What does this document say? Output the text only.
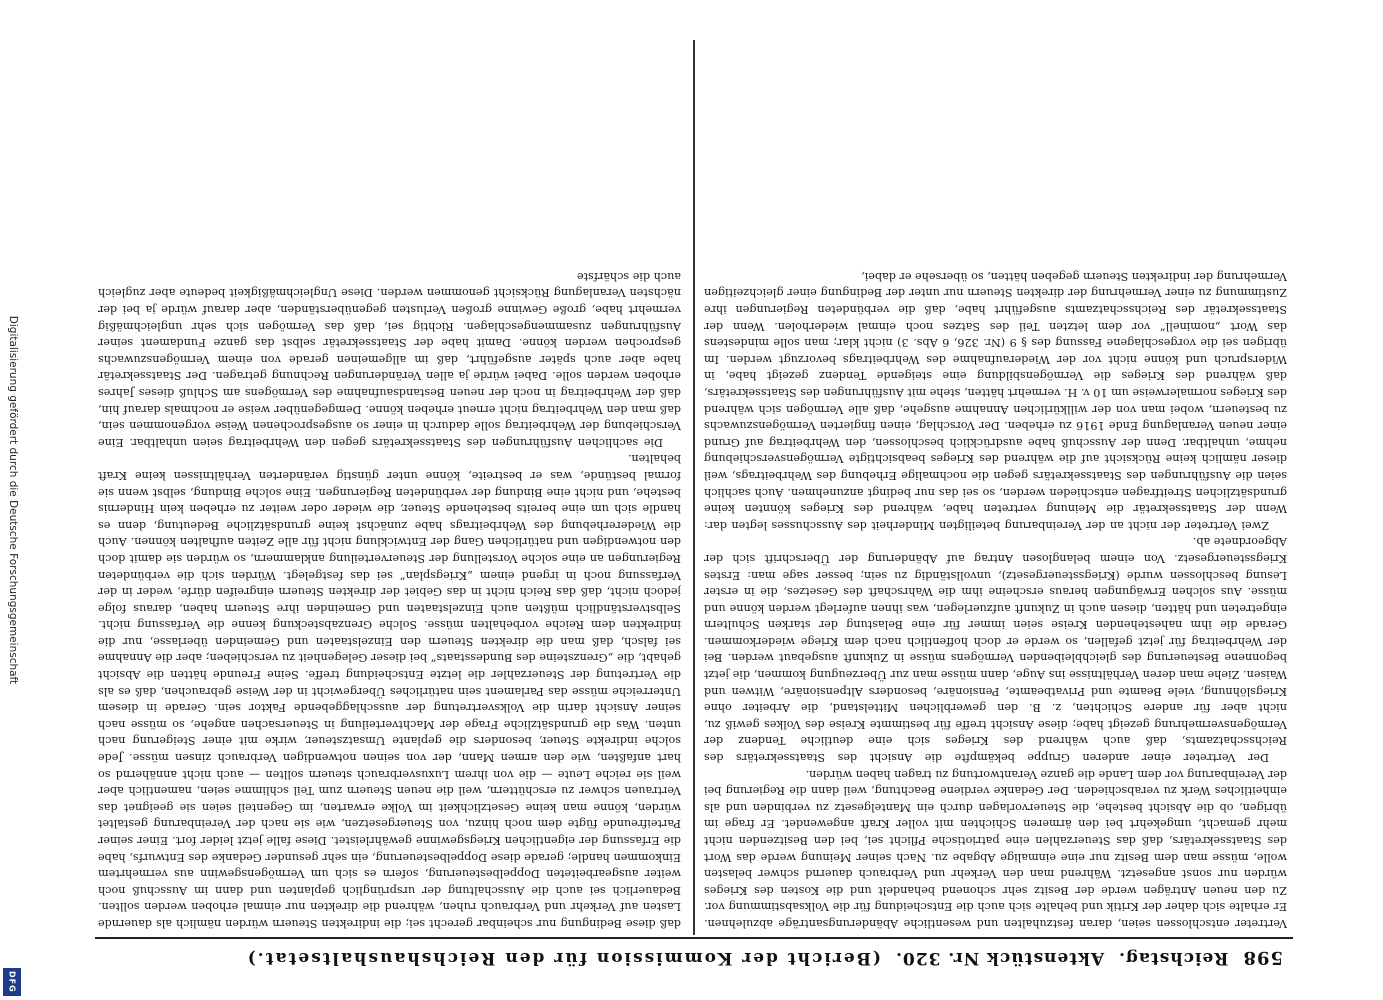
Digitalisierung gefördert durch die Deutsche Forschungsgemeinschaft
DFG
598
Reichstag.
Aktenstück Nr. 320.
(Bericht der Kommission für den Reichshaushaltsetat.)

Vertreter entschlossen seien, daran festzuhalten und wesentliche Abänderungsanträge abzulehnen. Er erhalte sich daher der Kritik und behalte sich auch die Entscheidung für die Volksabstimmung vor. Zu den neuen Anträgen werde der Besitz sehr schonend behandelt und die Kosten des Krieges würden nur sonst angesetzt. Während man den Verkehr und Verbrauch dauernd schwer belasten wolle, müsse man dem Besitz nur eine einmalige Abgabe zu. Nach seiner Meinung werde das Wort des Staatssekretärs, daß das Steuerzahlen eine patriotische Pflicht sei, bei den Besitzenden nicht mehr gemacht, umgekehrt bei den ärmeren Schichten mit voller Kraft angewendet. Er frage im übrigen, ob die Absicht bestehe, die Steuervorlagen durch ein Mantelgesetz zu verbinden und als einheitliches Werk zu verabschieden. Der Gedanke verdiene Beachtung, weil dann die Regierung bei der Vereinbarung vor dem Lande die ganze Verantwortung zu tragen haben würden.

Der Vertreter einer anderen Gruppe bekämpfte die Ansicht des Staatssekretärs des Reichsschatzamts, daß auch während des Krieges sich eine deutliche Tendenz der Vermögensvermehrung gezeigt habe; diese Ansicht treffe für bestimmte Kreise des Volkes gewiß zu, nicht aber für andere Schichten, z. B. den gewerblichen Mittelstand, die Arbeiter ohne Kriegslöhnung, viele Beamte und Privatbeamte, Pensionäre, besonders Altpensionäre, Witwen und Waisen. Ziehe man deren Verhältnisse ins Auge, dann müsse man zur Überzeugung kommen, die jetzt begonnene Besteuerung des gleichbleibenden Vermögens müsse in Zukunft ausgebaut werden. Bei der Wehrbeitrag für jetzt gefallen, so werde er doch hoffentlich nach dem Kriege wiederkommen. Gerade die ihm nahestehenden Kreise seien immer für eine Belastung der starken Schultern eingetreten und hätten, diesen auch in Zukunft aufzuerlegen, was ihnen auferlegt werden könne und müsse. Aus solchen Erwägungen heraus erscheine ihm die Wahrschaft des Gesetzes, die in erster Lesung beschlossen wurde (Kriegssteuergesetz), unvollständig zu sein; besser sage man: Erstes Kriegssteuergesetz. Von einem belanglosen Antrag auf Abänderung der Überschrift sich der Abgeordnete ab.

Zwei Vertreter der nicht an der Vereinbarung beteiligten Minderheit des Ausschusses legten dar: Wenn der Staatssekretär die Meinung vertreten habe, während des Krieges könnten keine grundsätzlichen Streitfragen entschieden werden, so sei das nur bedingt anzunehmen. Auch sachlich seien die Ausführungen des Staatssekretärs gegen die nochmalige Erhebung des Wehrbeitrags, weil dieser nämlich keine Rücksicht auf die während des Krieges beabsichtigte Vermögensverschiebung nehme, unhaltbar. Denn der Ausschuß habe ausdrücklich beschlossen, den Wehrbeitrag auf Grund einer neuen Veranlagung Ende 1916 zu erheben. Der Vorschlag, einen fingierten Vermögenszuwachs zu besteuern, wobei man von der willkürlichen Annahme ausgehe, daß alle Vermögen sich während des Krieges normalerweise um 10 v. H. vermehrt hätten, stehe mit Ausführungen des Staatssekretärs, daß während des Krieges die Vermögensbildung eine steigende Tendenz gezeigt habe, in Widerspruch und könne nicht vor der Wiederaufnahme des Wehrbeitrags bevorzugt werden. Im übrigen sei die vorgeschlagene Fassung des § 9 (Nr. 326, 6 Abs. 3) nicht klar; man solle mindestens das Wort „nominell“ vor dem letzten Teil des Satzes noch einmal wiederholen. Wenn der Staatssekretär des Reichsschatzamts ausgeführt habe, daß die verbündeten Regierungen ihre Zustimmung zu einer Vermehrung der direkten Steuern nur unter der Bedingung einer gleichzeitigen Vermehrung der indirekten Steuern gegeben hätten, so übersehe er dabei,

daß diese Bedingung nur scheinbar gerecht sei; die indirekten Steuern würden nämlich als dauernde Lasten auf Verkehr und Verbrauch ruhen, während die direkten nur einmal erhoben werden sollten. Bedauerlich sei auch die Ausschaltung der ursprünglich geplanten und dann im Ausschuß noch weiter ausgearbeiteten Doppelbesteuerung, sofern es sich um Vermögensgewinn aus vermehrtem Einkommen handle; gerade diese Doppelbesteuerung, ein sehr gesunder Gedanke des Entwurfs, habe die Erfassung der eigentlichen Kriegsgewinne gewährleistet. Diese falle jetzt leider fort. Einer seiner Parteifreunde fügte dem noch hinzu, von Steuergesetzen, wie sie nach der Vereinbarung gestaltet würden, könne man keine Gesetzlichkeit im Volke erwarten, im Gegenteil seien sie geeignet das Vertrauen schwer zu erschüttern, weil die neuen Steuern zum Teil schlimme seien, namentlich aber weil sie reiche Leute — die von ihrem Luxusverbrauch steuern sollten — auch nicht annähernd so hart anfaßten, wie den armen Mann, der von seinen notwendigen Verbrauch zinsen müsse. Jede solche indirekte Steuer, besonders die geplante Umsatzsteuer, wirke mit einer Steigerung nach unten. Was die grundsätzliche Frage der Machtverteilung in Steuersachen angehe, so müsse nach seiner Ansicht darin die Volksvertretung der ausschlaggebende Faktor sein. Gerade in diesem Unterreiche müsse das Parlament sein natürliches Übergewicht in der Weise gebrauchen, daß es als die Vertretung der Steuerzahler die letzte Entscheidung treffe. Seine Freunde hätten die Absicht gehabt, die „Grenzsteine des Bundesstaats“ bei dieser Gelegenheit zu verschieben; aber die Annahme sei falsch, daß man die direkten Steuern den Einzelstaaten und Gemeinden überlasse, nur die indirekten dem Reiche vorbehalten müsse. Solche Grenzabsteckung kenne die Verfassung nicht. Selbstverständlich müßten auch Einzelstaaten und Gemeinden ihre Steuern haben, daraus folge jedoch nicht, daß das Reich nicht in das Gebiet der direkten Steuern eingreifen dürfe, weder in der Verfassung noch in irgend einem „Kriegsplan“ sei das festgelegt. Würden sich die verbündeten Regierungen an eine solche Vorstellung der Steuerverteilung anklammern, so würden sie damit doch den notwendigen und natürlichen Gang der Entwicklung nicht für alle Zeiten aufhalten können. Auch die Wiedererhebung des Wehrbeitrags habe zunächst keine grundsätzliche Bedeutung, denn es handle sich um eine bereits bestehende Steuer, die wieder oder weiter zu erheben kein Hindernis bestehe, und nicht eine Bindung der verbündeten Regierungen. Eine solche Bindung, selbst wenn sie formal bestünde, was er bestreite, könne unter günstig veränderten Verhältnissen keine Kraft behalten.

Die sachlichen Ausführungen des Staatssekretärs gegen den Wehrbeitrag seien unhaltbar. Eine Verschiebung der Wehrbeitrag solle dadurch in einer so ausgesprochenen Weise vorgenommen sein, daß man den Wehrbeitrag nicht erneut erheben könne. Demgegenüber weise er nochmals darauf hin, daß der Wehrbeitrag in noch der neuen Bestandsaufnahme des Vermögens am Schluß dieses Jahres erhoben werden solle. Dabei würde ja allen Veränderungen Rechnung getragen. Der Staatssekretär habe aber auch später ausgeführt, daß im allgemeinen gerade von einem Vermögenszuwachs gesprochen werden könne. Damit habe der Staatssekretär selbst das ganze Fundament seiner Ausführungen zusammengeschlagen. Richtig sei, daß das Vermögen sich sehr ungleichmäßig vermehrt habe, große Gewinne großen Verlusten gegenüberständen, aber darauf würde ja bei der nächsten Veranlagung Rücksicht genommen werden. Diese Ungleichmäßigkeit bedeute aber zugleich auch die schärfste
